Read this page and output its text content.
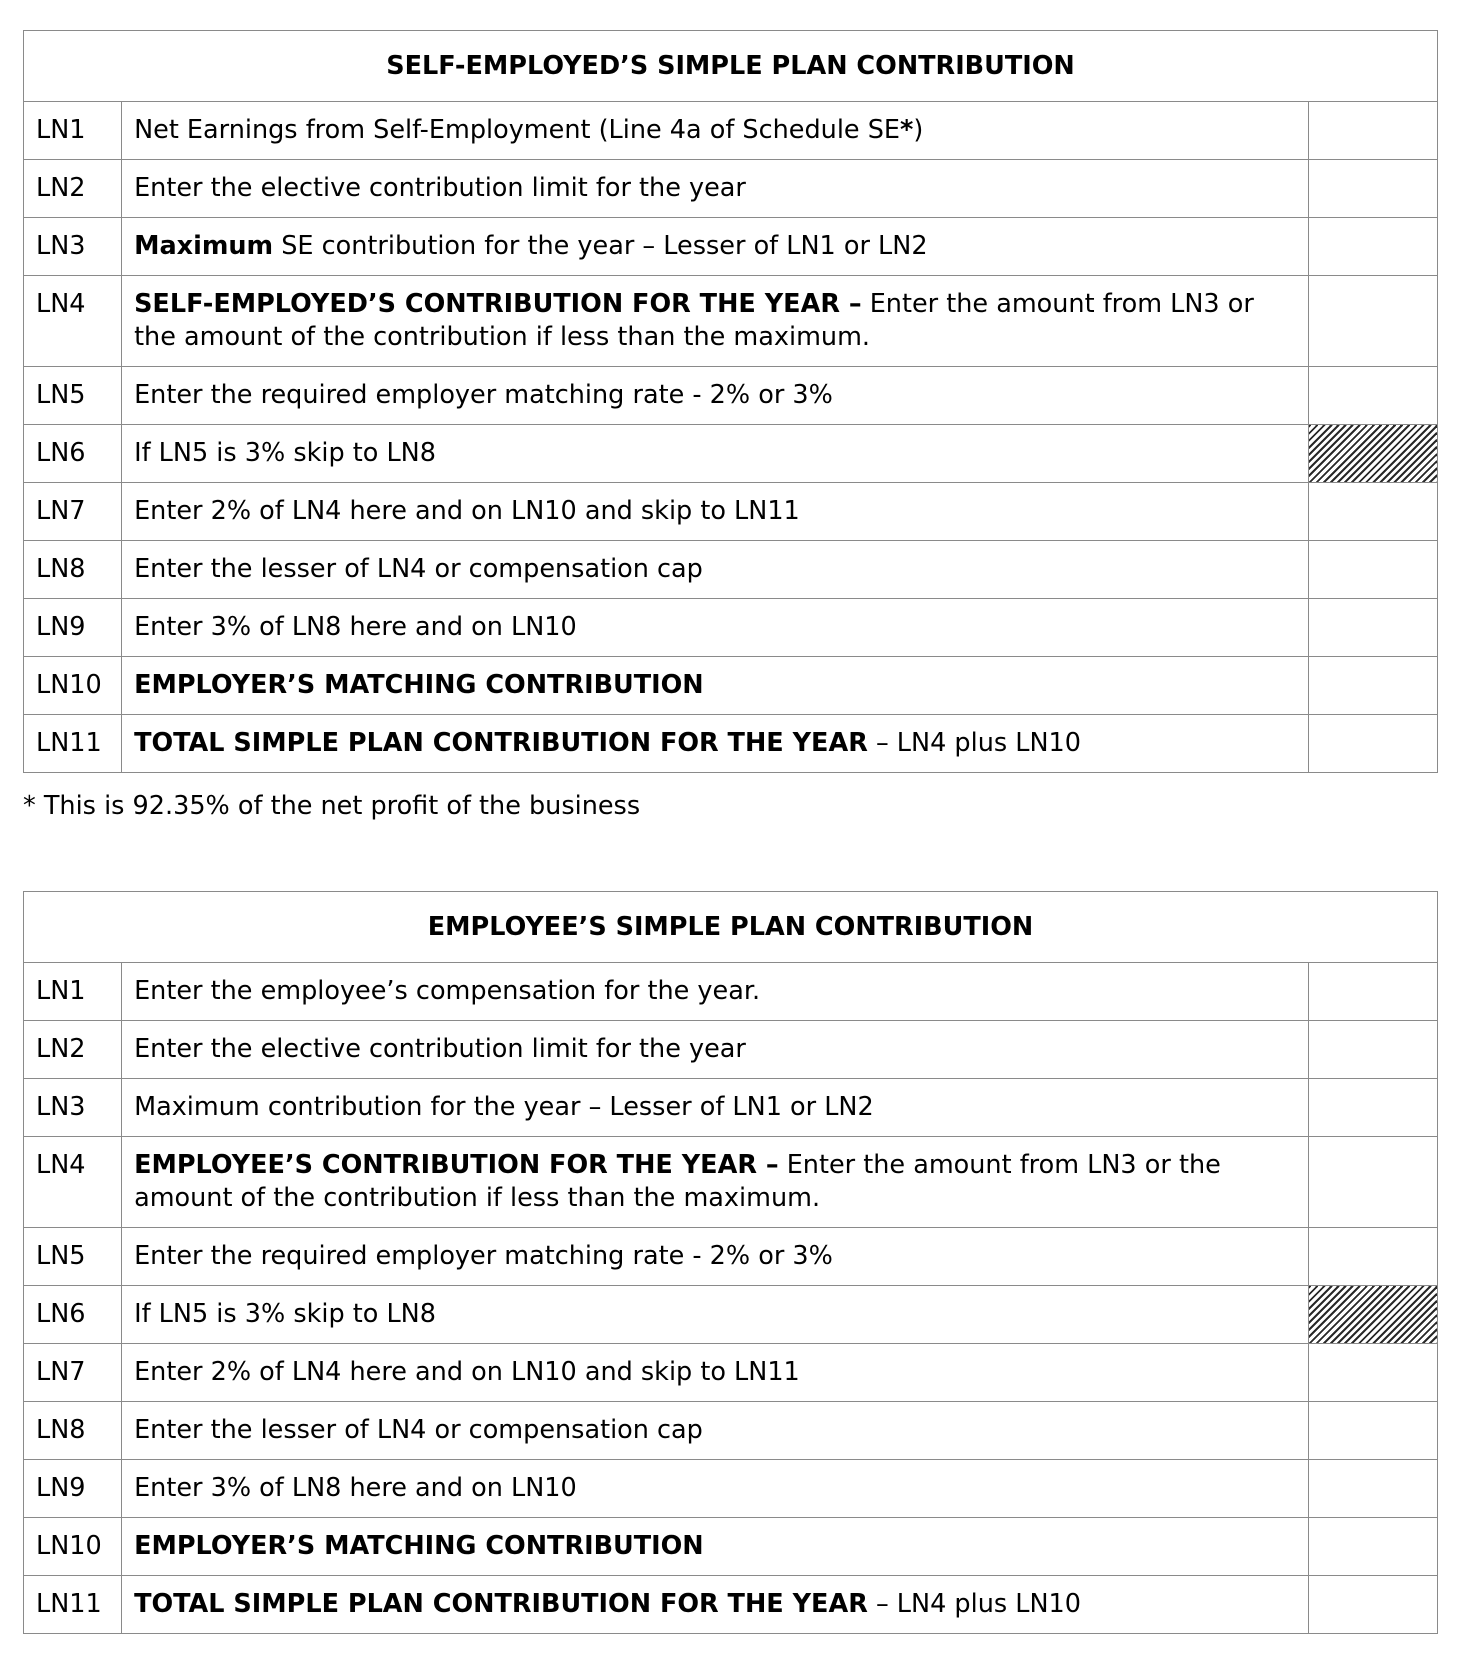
SELF-EMPLOYED’S SIMPLE PLAN CONTRIBUTION		
LN1	Net Earnings from Self-Employment (Line 4a of Schedule SE*)	
LN2	Enter the elective contribution limit for the year	
LN3	Maximum SE contribution for the year – Lesser of LN1 or LN2	
LN4	SELF-EMPLOYED’S CONTRIBUTION FOR THE YEAR – Enter the amount from LN3 or the amount of the contribution if less than the maximum.	
LN5	Enter the required employer matching rate - 2% or 3%	
LN6	If LN5 is 3% skip to LN8	
LN7	Enter 2% of LN4 here and on LN10 and skip to LN11	
LN8	Enter the lesser of LN4 or compensation cap	
LN9	Enter 3% of LN8 here and on LN10	
LN10	EMPLOYER’S MATCHING CONTRIBUTION	
LN11	TOTAL SIMPLE PLAN CONTRIBUTION FOR THE YEAR – LN4 plus LN10	

* This is 92.35% of the net profit of the business

EMPLOYEE’S SIMPLE PLAN CONTRIBUTION		
LN1	Enter the employee’s compensation for the year.	
LN2	Enter the elective contribution limit for the year	
LN3	Maximum contribution for the year – Lesser of LN1 or LN2	
LN4	EMPLOYEE’S CONTRIBUTION FOR THE YEAR – Enter the amount from LN3 or the amount of the contribution if less than the maximum.	
LN5	Enter the required employer matching rate - 2% or 3%	
LN6	If LN5 is 3% skip to LN8	
LN7	Enter 2% of LN4 here and on LN10 and skip to LN11	
LN8	Enter the lesser of LN4 or compensation cap	
LN9	Enter 3% of LN8 here and on LN10	
LN10	EMPLOYER’S MATCHING CONTRIBUTION	
LN11	TOTAL SIMPLE PLAN CONTRIBUTION FOR THE YEAR – LN4 plus LN10	
